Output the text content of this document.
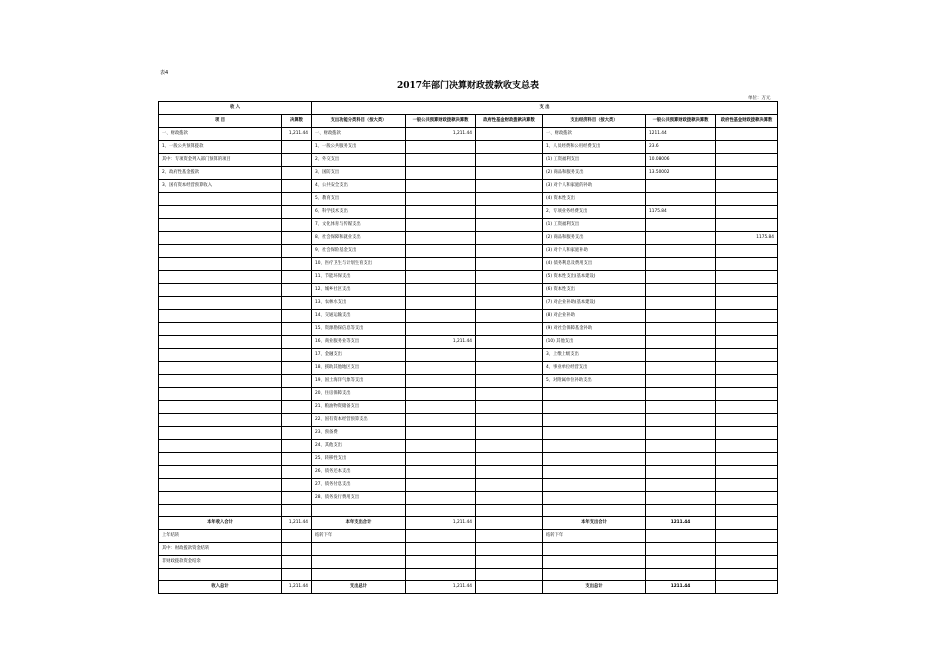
表4
2017年部门决算财政拨款收支总表
单位：万元
收 入		支 出					
项 目	决算数	支出功能分类科目（按大类）	一般公共预算财政拨款决算数	政府性基金财政拨款决算数	支出经济科目（按大类）	一般公共预算财政拨款决算数	政府性基金财政拨款决算数
一、财政拨款	1,211.44	一、财政拨款	1,211.44		一、财政拨款	1211.44	
1、一般公共预算拨款		1、一般公共服务支出			1、人员经费和公用经费支出	23.6	
其中：专项资金列入部门预算的项目		2、外交支出			(1) 工资福利支出	10.08006	
2、政府性基金拨款		3、国防支出			(2) 商品和服务支出	13.50002	
3、国有资本经营预算收入		4、公共安全支出			(3) 对个人和家庭的补助		
		5、教育支出			(4) 资本性支出		
		6、科学技术支出			2、专项业务经费支出	1175.84	
		7、文化体育与传媒支出			(1) 工资福利支出		
		8、社会保障和就业支出			(2) 商品和服务支出		1175.84
		9、社会保险基金支出			(3) 对个人和家庭补助		
		10、医疗卫生与计划生育支出			(4) 债务利息及费用支出		
		11、节能环保支出			(5) 资本性支出(基本建设)		
		12、城乡社区支出			(6) 资本性支出		
		13、农林水支出			(7) 对企业补助(基本建设)		
		14、交通运输支出			(8) 对企业补助		
		15、资源勘探信息等支出			(9) 对社会保障基金补助		
		16、商业服务业等支出	1,211.44		(10) 其他支出		
		17、金融支出			3、上缴上级支出		
		18、援助其他地区支出			4、事业单位经营支出		
		19、国土海洋气象等支出			5、对附属单位补助支出		
		20、住房保障支出					
		21、粮油物资储备支出					
		22、国有资本经营预算支出					
		23、预备费					
		24、其他支出					
		25、转移性支出					
		26、债务还本支出					
		27、债务付息支出					
		28、债务发行费用支出					

本年收入合计	1,211.44	本年支出合计	1,211.44		本年支出合计	1211.44	
上年结转		结转下年			结转下年		
其中：财政拨款资金结转							
非财政拨款资金结余							

收入总计	1,211.44	支出总计	1,211.44		支出总计	1211.44	
